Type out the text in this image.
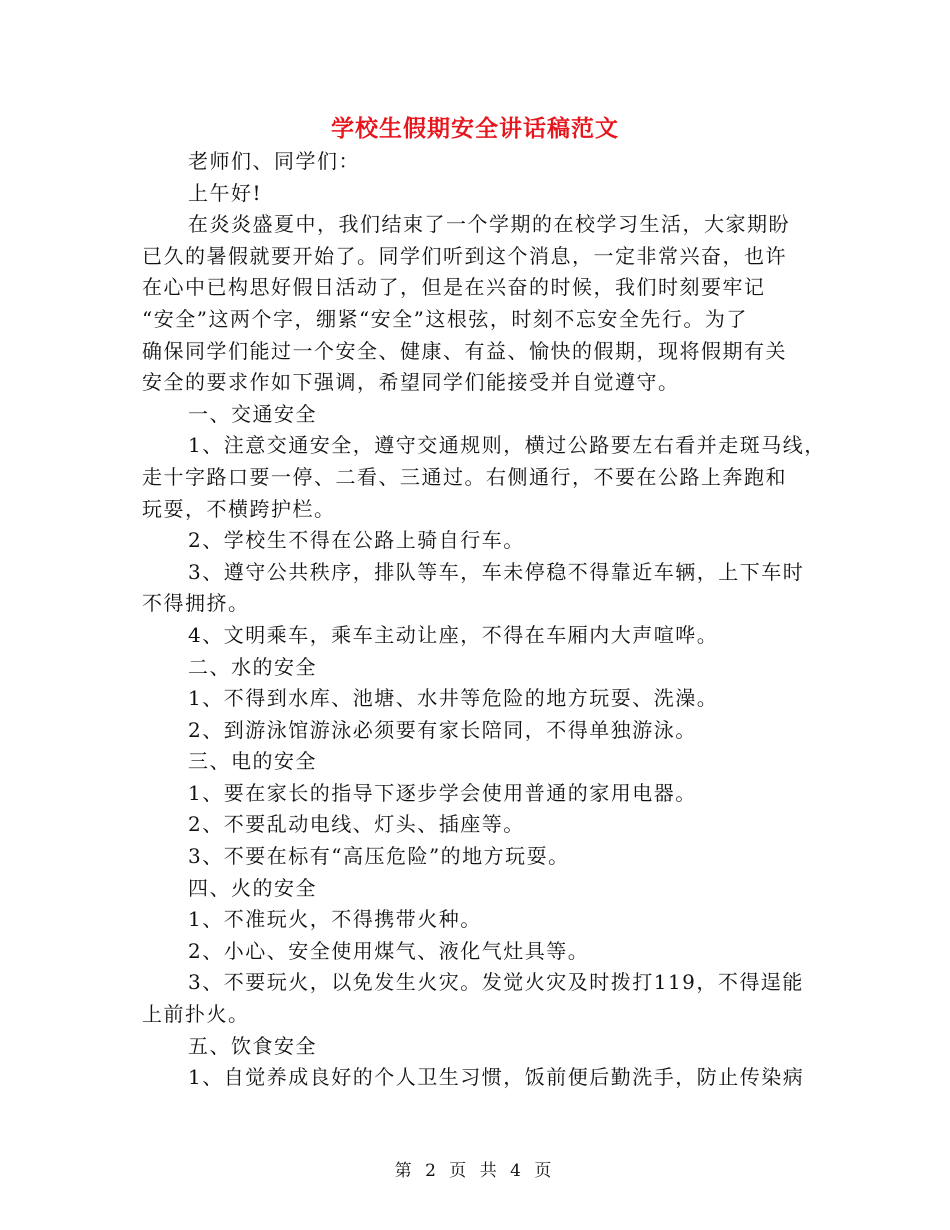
学校生假期安全讲话稿范文

老师们、同学们：

上午好!

在炎炎盛夏中，我们结束了一个学期的在校学习生活，大家期盼
已久的暑假就要开始了。同学们听到这个消息，一定非常兴奋，也许
在心中已构思好假日活动了，但是在兴奋的时候，我们时刻要牢记
“安全”这两个字，绷紧“安全”这根弦，时刻不忘安全先行。为了
确保同学们能过一个安全、健康、有益、愉快的假期，现将假期有关
安全的要求作如下强调，希望同学们能接受并自觉遵守。
一、交通安全
1、注意交通安全，遵守交通规则，横过公路要左右看并走斑马线，
走十字路口要一停、二看、三通过。右侧通行，不要在公路上奔跑和
玩耍，不横跨护栏。
2、学校生不得在公路上骑自行车。
3、遵守公共秩序，排队等车，车未停稳不得靠近车辆，上下车时
不得拥挤。
4、文明乘车，乘车主动让座，不得在车厢内大声喧哗。
二、水的安全
1、不得到水库、池塘、水井等危险的地方玩耍、洗澡。
2、到游泳馆游泳必须要有家长陪同，不得单独游泳。
三、电的安全
1、要在家长的指导下逐步学会使用普通的家用电器。
2、不要乱动电线、灯头、插座等。
3、不要在标有“高压危险”的地方玩耍。
四、火的安全
1、不准玩火，不得携带火种。
2、小心、安全使用煤气、液化气灶具等。
3、不要玩火，以免发生火灾。发觉火灾及时拨打119，不得逞能
上前扑火。
五、饮食安全
1、自觉养成良好的个人卫生习惯，饭前便后勤洗手，防止传染病
第 2 页 共 4 页
